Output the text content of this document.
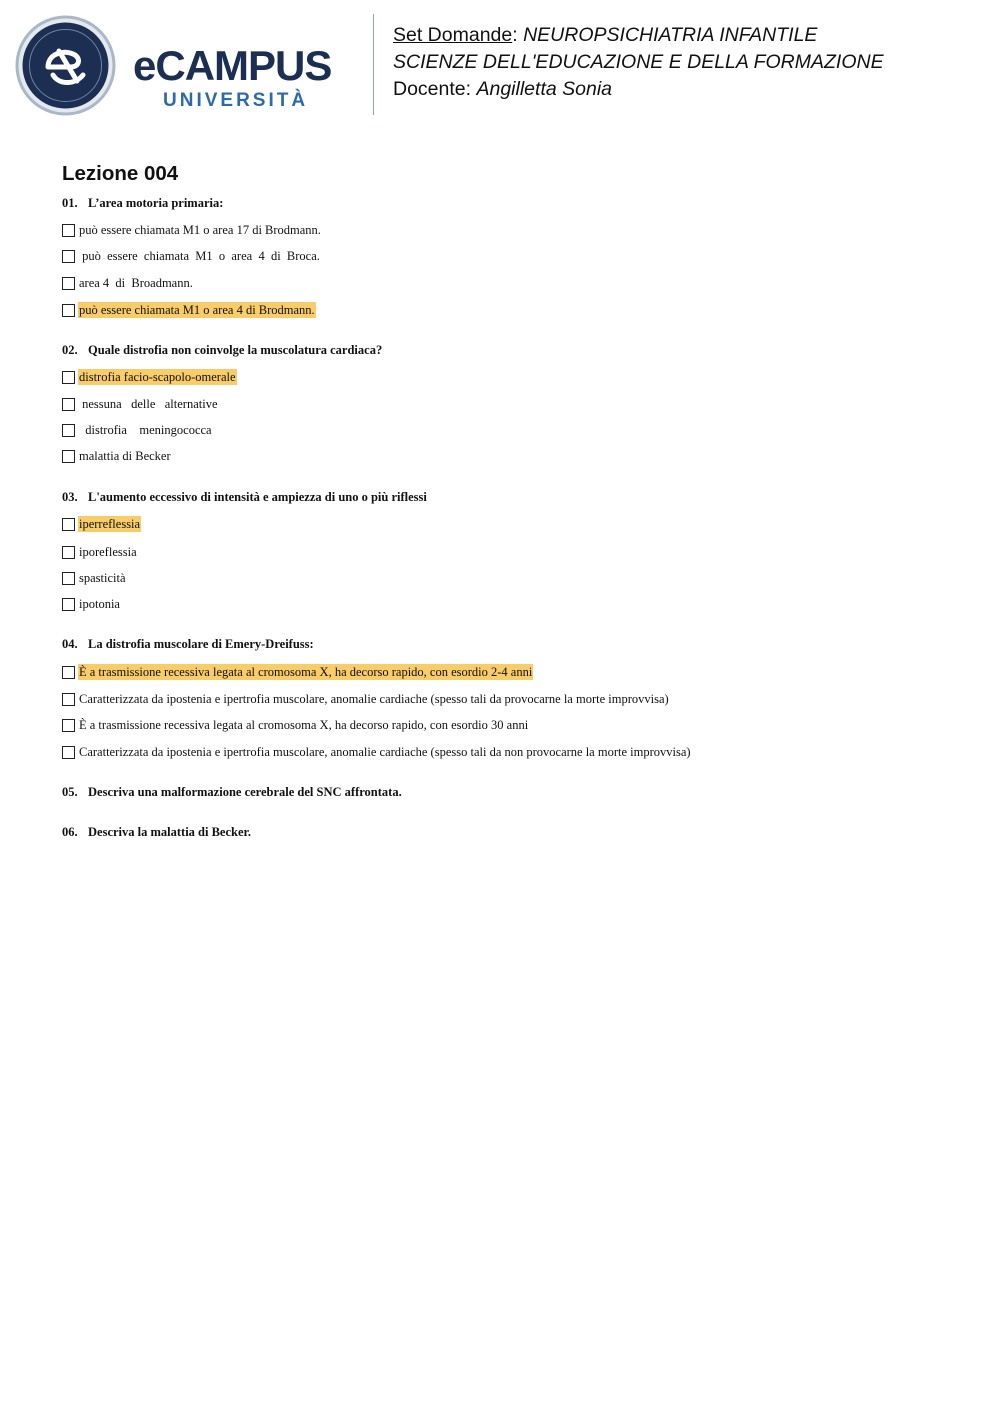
eCAMPUS
UNIVERSITÀ
Set Domande: NEUROPSICHIATRIA INFANTILE
SCIENZE DELL'EDUCAZIONE E DELLA FORMAZIONE
Docente: Angilletta Sonia
Lezione 004
01. L’area motoria primaria:
può essere chiamata M1 o area 17 di Brodmann.
può  essere  chiamata  M1  o  area  4  di  Broca.
area 4  di  Broadmann.
può essere chiamata M1 o area 4 di Brodmann.
02. Quale distrofia non coinvolge la muscolatura cardiaca?
distrofia facio-scapolo-omerale
nessuna   delle   alternative
distrofia    meningococca
malattia di Becker
03. L'aumento eccessivo di intensità e ampiezza di uno o più riflessi
iperreflessia
iporeflessia
spasticità
ipotonia
04. La distrofia muscolare di Emery-Dreifuss:
È a trasmissione recessiva legata al cromosoma X, ha decorso rapido, con esordio 2-4 anni
Caratterizzata da ipostenia e ipertrofia muscolare, anomalie cardiache (spesso tali da provocarne la morte improvvisa)
È a trasmissione recessiva legata al cromosoma X, ha decorso rapido, con esordio 30 anni
Caratterizzata da ipostenia e ipertrofia muscolare, anomalie cardiache (spesso tali da non provocarne la morte improvvisa)
05. Descriva una malformazione cerebrale del SNC affrontata.
06. Descriva la malattia di Becker.
